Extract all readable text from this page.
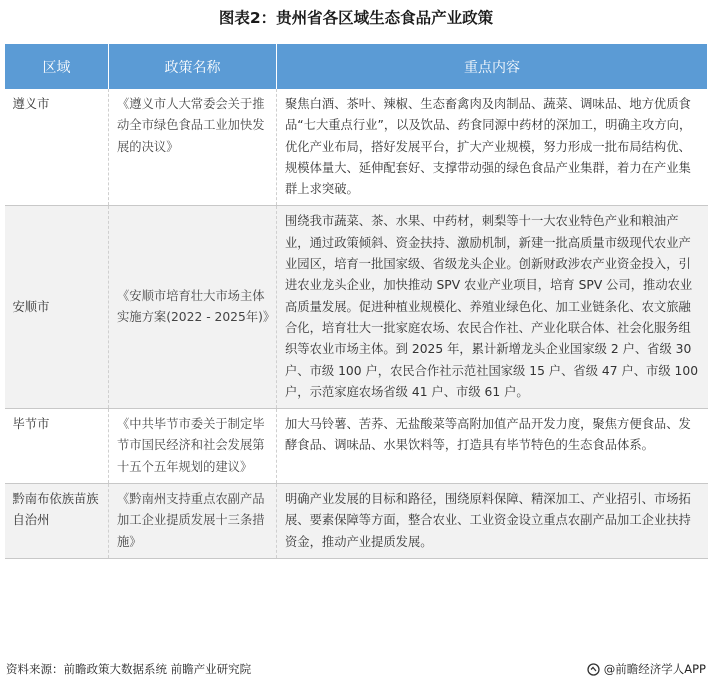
图表2：贵州省各区域生态食品产业政策
区域	政策名称	重点内容
遵义市	《遵义市人大常委会关于推动全市绿色食品工业加快发展的决议》	聚焦白酒、茶叶、辣椒、生态畜禽肉及肉制品、蔬菜、调味品、地方优质食品“七大重点行业”，以及饮品、药食同源中药材的深加工，明确主攻方向，优化产业布局，搭好发展平台，扩大产业规模，努力形成一批布局结构优、规模体量大、延伸配套好、支撑带动强的绿色食品产业集群，着力在产业集群上求突破。
安顺市	《安顺市培育壮大市场主体实施方案(2022 - 2025年)》	围绕我市蔬菜、茶、水果、中药材，刺梨等十一大农业特色产业和粮油产业，通过政策倾斜、资金扶持、激励机制，新建一批高质量市级现代农业产业园区，培育一批国家级、省级龙头企业。创新财政涉农产业资金投入，引进农业龙头企业，加快推动 SPV 农业产业项目，培育 SPV 公司，推动农业高质量发展。促进种植业规模化、养殖业绿色化、加工业链条化、农文旅融合化，培育壮大一批家庭农场、农民合作社、产业化联合体、社会化服务组织等农业市场主体。到 2025 年，累计新增龙头企业国家级 2 户、省级 30 户、市级 100 户，农民合作社示范社国家级 15 户、省级 47 户、市级 100 户，示范家庭农场省级 41 户、市级 61 户。
毕节市	《中共毕节市委关于制定毕节市国民经济和社会发展第十五个五年规划的建议》	加大马铃薯、苦荞、无盐酸菜等高附加值产品开发力度，聚焦方便食品、发酵食品、调味品、水果饮料等，打造具有毕节特色的生态食品体系。
黔南布依族苗族自治州	《黔南州支持重点农副产品加工企业提质发展十三条措施》	明确产业发展的目标和路径，围绕原料保障、精深加工、产业招引、市场拓展、要素保障等方面，整合农业、工业资金设立重点农副产品加工企业扶持资金，推动产业提质发展。
资料来源：前瞻政策大数据系统 前瞻产业研究院	@前瞻经济学人APP
